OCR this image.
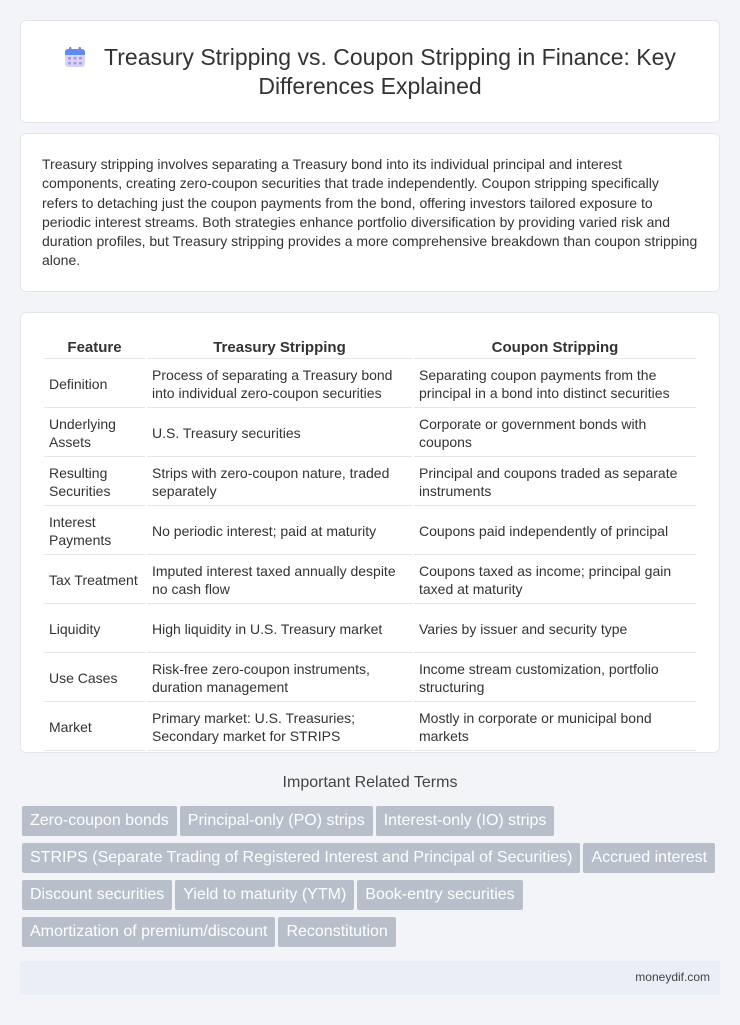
Treasury Stripping vs. Coupon Stripping in Finance: Key Differences Explained

Treasury stripping involves separating a Treasury bond into its individual principal and interest components, creating zero-coupon securities that trade independently. Coupon stripping specifically refers to detaching just the coupon payments from the bond, offering investors tailored exposure to periodic interest streams. Both strategies enhance portfolio diversification by providing varied risk and duration profiles, but Treasury stripping provides a more comprehensive breakdown than coupon stripping alone.

Feature	Treasury Stripping	Coupon Stripping
Definition	Process of separating a Treasury bond into individual zero-coupon securities	Separating coupon payments from the principal in a bond into distinct securities
Underlying Assets	U.S. Treasury securities	Corporate or government bonds with coupons
Resulting Securities	Strips with zero-coupon nature, traded separately	Principal and coupons traded as separate instruments
Interest Payments	No periodic interest; paid at maturity	Coupons paid independently of principal
Tax Treatment	Imputed interest taxed annually despite no cash flow	Coupons taxed as income; principal gain taxed at maturity
Liquidity	High liquidity in U.S. Treasury market	Varies by issuer and security type
Use Cases	Risk-free zero-coupon instruments, duration management	Income stream customization, portfolio structuring
Market	Primary market: U.S. Treasuries; Secondary market for STRIPS	Mostly in corporate or municipal bond markets
Important Related Terms
Zero-coupon bonds Principal-only (PO) strips Interest-only (IO) strips
STRIPS (Separate Trading of Registered Interest and Principal of Securities) Accrued interest
Discount securities Yield to maturity (YTM) Book-entry securities
Amortization of premium/discount Reconstitution
moneydif.com
